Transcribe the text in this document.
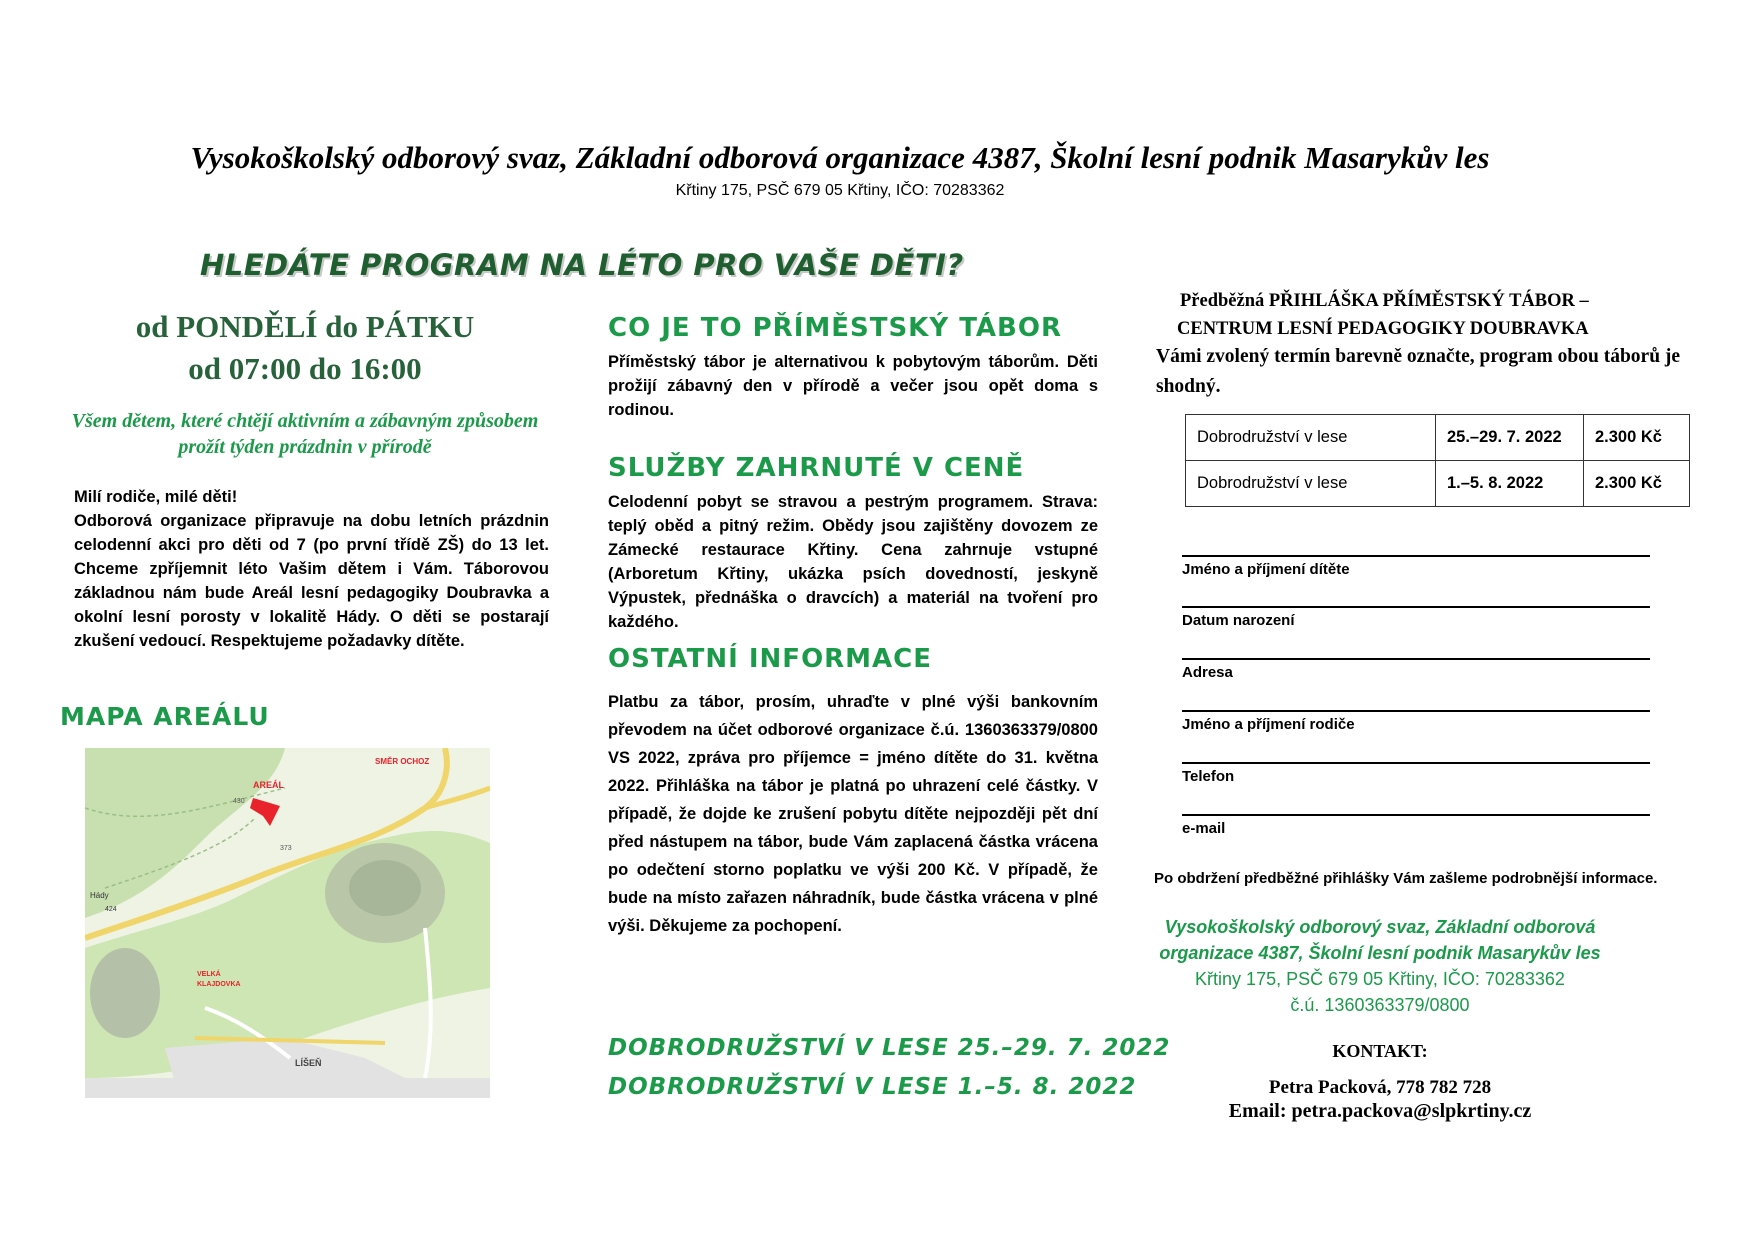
Vysokoškolský odborový svaz, Základní odborová organizace 4387, Školní lesní podnik Masarykův les
Křtiny 175, PSČ 679 05 Křtiny, IČO: 70283362
HLEDÁTE PROGRAM NA LÉTO PRO VAŠE DĚTI?
od PONDĚLÍ do PÁTKU
od 07:00 do 16:00
Všem dětem, které chtějí aktivním a zábavným způsobem prožít týden prázdnin v přírodě

Milí rodiče, milé děti!

Odborová organizace připravuje na dobu letních prázdnin celodenní akci pro děti od 7 (po první třídě ZŠ) do 13 let. Chceme zpříjemnit léto Vašim dětem i Vám. Táborovou základnou nám bude Areál lesní pedagogiky Doubravka a okolní lesní porosty v lokalitě Hády. O děti se postarají zkušení vedoucí. Respektujeme požadavky dítěte.

MAPA AREÁLU
AREÁL
SMĚR OCHOZ
430
373
Hády
424
VELKÁ
KLAJDOVKA
LÍŠEŇ
CO JE TO PŘÍMĚSTSKÝ TÁBOR
Příměstský tábor je alternativou k pobytovým táborům. Děti prožijí zábavný den v přírodě a večer jsou opět doma s rodinou.
SLUŽBY ZAHRNUTÉ V CENĚ
Celodenní pobyt se stravou a pestrým programem. Strava: teplý oběd a pitný režim. Obědy jsou zajištěny dovozem ze Zámecké restaurace Křtiny. Cena zahrnuje vstupné (Arboretum Křtiny, ukázka psích dovedností, jeskyně Výpustek, přednáška o dravcích) a materiál na tvoření pro každého.
OSTATNÍ INFORMACE
Platbu za tábor, prosím, uhraďte v plné výši bankovním převodem na účet odborové organizace č.ú. 1360363379/0800 VS 2022, zpráva pro příjemce = jméno dítěte do 31. května 2022. Přihláška na tábor je platná po uhrazení celé částky. V případě, že dojde ke zrušení pobytu dítěte nejpozději pět dní před nástupem na tábor, bude Vám zaplacená částka vrácena po odečtení storno poplatku ve výši 200 Kč. V případě, že bude na místo zařazen náhradník, bude částka vrácena v plné výši. Děkujeme za pochopení.
DOBRODRUŽSTVÍ V LESE 25.–29. 7. 2022
DOBRODRUŽSTVÍ V LESE 1.–5. 8. 2022
Předběžná PŘIHLÁŠKA PŘÍMĚSTSKÝ TÁBOR –
CENTRUM LESNÍ PEDAGOGIKY DOUBRAVKA
Vámi zvolený termín barevně označte, program obou táborů je shodný.
Dobrodružství v lese	25.–29. 7. 2022	2.300 Kč
Dobrodružství v lese	1.–5. 8. 2022	2.300 Kč
Jméno a příjmení dítěte
Datum narození
Adresa
Jméno a příjmení rodiče
Telefon
e-mail
Po obdržení předběžné přihlášky Vám zašleme podrobnější informace.
Vysokoškolský odborový svaz, Základní odborová organizace 4387, Školní lesní podnik Masarykův les
Křtiny 175, PSČ 679 05 Křtiny, IČO: 70283362
č.ú. 1360363379/0800
KONTAKT:
Petra Packová, 778 782 728
Email: petra.packova@slpkrtiny.cz
